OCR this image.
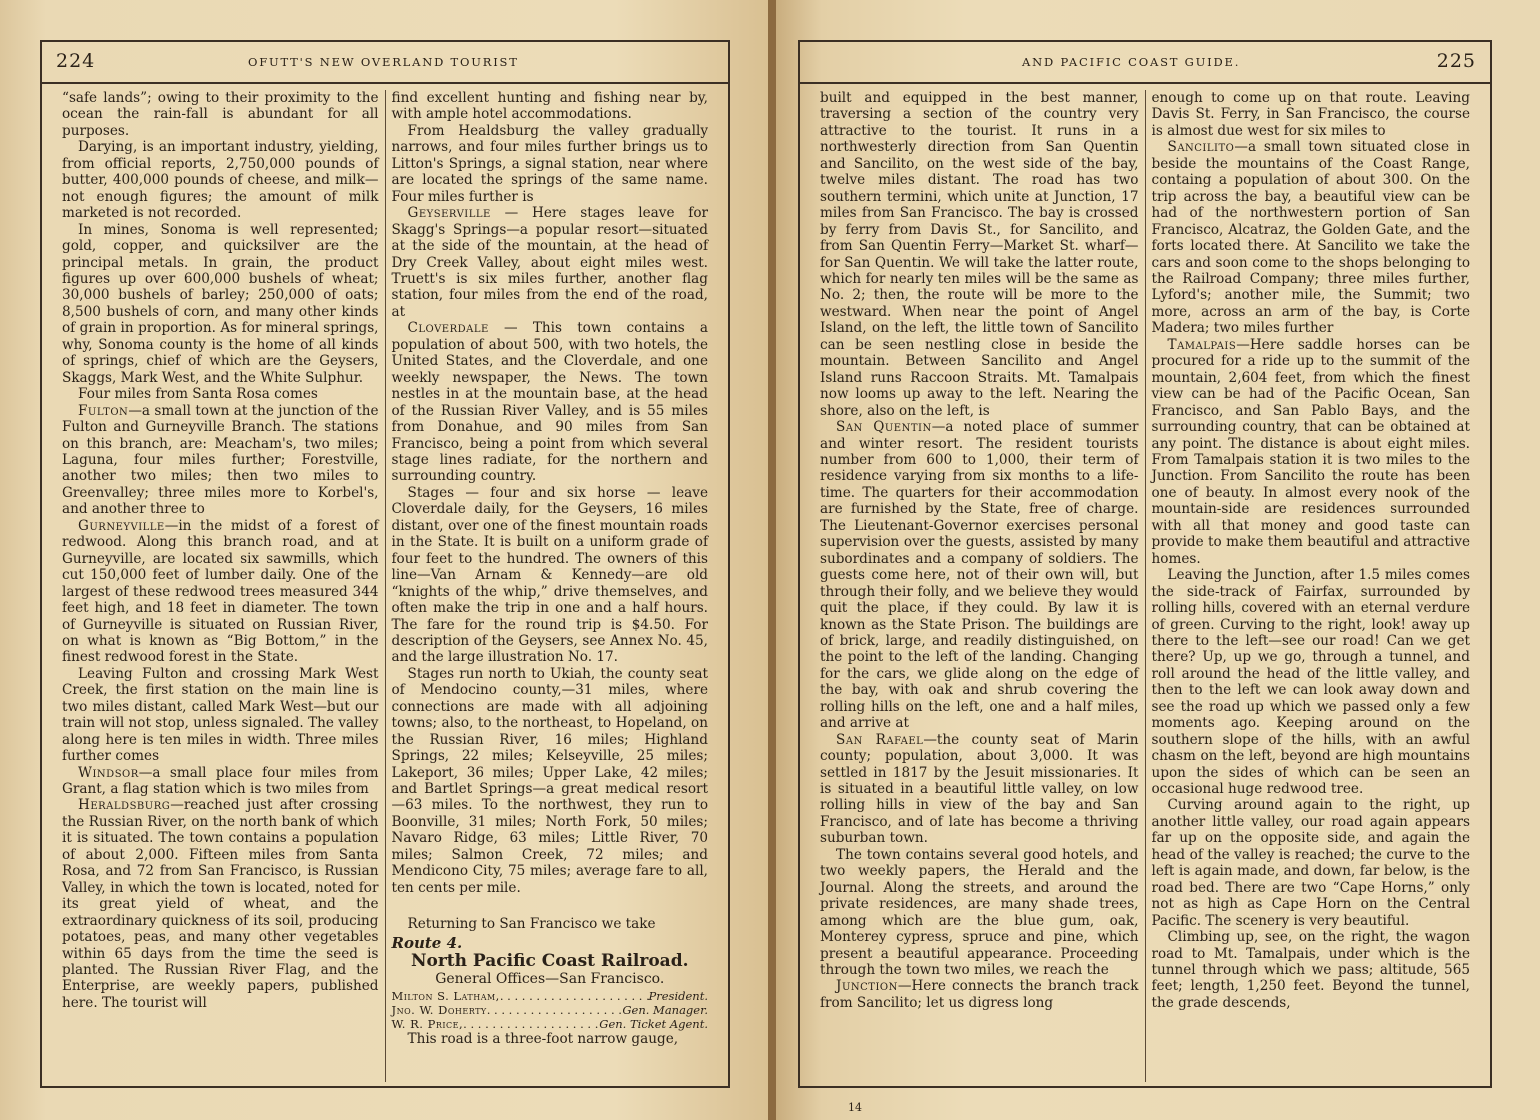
224	OFUTT'S NEW OVERLAND TOURIST

“safe lands”; owing to their proximity to the ocean the rain-fall is abundant for all purposes.

Darying, is an important industry, yielding, from official reports, 2,750,000 pounds of butter, 400,000 pounds of cheese, and milk—not enough figures; the amount of milk marketed is not recorded.

In mines, Sonoma is well represented; gold, copper, and quicksilver are the principal metals. In grain, the product figures up over 600,000 bushels of wheat; 30,000 bushels of barley; 250,000 of oats; 8,500 bushels of corn, and many other kinds of grain in proportion. As for mineral springs, why, Sonoma county is the home of all kinds of springs, chief of which are the Geysers, Skaggs, Mark West, and the White Sulphur.

Four miles from Santa Rosa comes

Fulton—a small town at the junction of the Fulton and Gurneyville Branch. The stations on this branch, are: Meacham's, two miles; Laguna, four miles further; Forestville, another two miles; then two miles to Greenvalley; three miles more to Korbel's, and another three to

Gurneyville—in the midst of a forest of redwood. Along this branch road, and at Gurneyville, are located six sawmills, which cut 150,000 feet of lumber daily. One of the largest of these redwood trees measured 344 feet high, and 18 feet in diameter. The town of Gurneyville is situated on Russian River, on what is known as “Big Bottom,” in the finest redwood forest in the State.

Leaving Fulton and crossing Mark West Creek, the first station on the main line is two miles distant, called Mark West—but our train will not stop, unless signaled. The valley along here is ten miles in width. Three miles further comes

Windsor—a small place four miles from Grant, a flag station which is two miles from

Heraldsburg—reached just after crossing the Russian River, on the north bank of which it is situated. The town contains a population of about 2,000. Fifteen miles from Santa Rosa, and 72 from San Francisco, is Russian Valley, in which the town is located, noted for its great yield of wheat, and the extraordinary quickness of its soil, producing potatoes, peas, and many other vegetables within 65 days from the time the seed is planted. The Russian River Flag, and the Enterprise, are weekly papers, published here. The tourist will

find excellent hunting and fishing near by, with ample hotel accommodations.

From Healdsburg the valley gradually narrows, and four miles further brings us to Litton's Springs, a signal station, near where are located the springs of the same name. Four miles further is

Geyserville — Here stages leave for Skagg's Springs—a popular resort—situated at the side of the mountain, at the head of Dry Creek Valley, about eight miles west. Truett's is six miles further, another flag station, four miles from the end of the road, at

Cloverdale — This town contains a population of about 500, with two hotels, the United States, and the Cloverdale, and one weekly newspaper, the News. The town nestles in at the mountain base, at the head of the Russian River Valley, and is 55 miles from Donahue, and 90 miles from San Francisco, being a point from which several stage lines radiate, for the northern and surrounding country.

Stages — four and six horse — leave Cloverdale daily, for the Geysers, 16 miles distant, over one of the finest mountain roads in the State. It is built on a uniform grade of four feet to the hundred. The owners of this line—Van Arnam & Kennedy—are old “knights of the whip,” drive themselves, and often make the trip in one and a half hours. The fare for the round trip is $4.50. For description of the Geysers, see Annex No. 45, and the large illustration No. 17.

Stages run north to Ukiah, the county seat of Mendocino county,—31 miles, where connections are made with all adjoining towns; also, to the northeast, to Hopeland, on the Russian River, 16 miles; Highland Springs, 22 miles; Kelseyville, 25 miles; Lakeport, 36 miles; Upper Lake, 42 miles; and Bartlet Springs—a great medical resort —63 miles. To the northwest, they run to Boonville, 31 miles; North Fork, 50 miles; Navaro Ridge, 63 miles; Little River, 70 miles; Salmon Creek, 72 miles; and Mendicono City, 75 miles; average fare to all, ten cents per mile.

Returning to San Francisco we take

Route 4.
North Pacific Coast Railroad.
General Offices—San Francisco.
Milton S. Latham, . . .	President.
Jno. W. Doherty . . .	Gen. Manager.
W. R. Price, . . .	Gen. Ticket Agent.

This road is a three-foot narrow gauge,

AND PACIFIC COAST GUIDE.	225

built and equipped in the best manner, traversing a section of the country very attractive to the tourist. It runs in a northwesterly direction from San Quentin and Sancilito, on the west side of the bay, twelve miles distant. The road has two southern termini, which unite at Junction, 17 miles from San Francisco. The bay is crossed by ferry from Davis St., for Sancilito, and from San Quentin Ferry—Market St. wharf—for San Quentin. We will take the latter route, which for nearly ten miles will be the same as No. 2; then, the route will be more to the westward. When near the point of Angel Island, on the left, the little town of Sancilito can be seen nestling close in beside the mountain. Between Sancilito and Angel Island runs Raccoon Straits. Mt. Tamalpais now looms up away to the left. Nearing the shore, also on the left, is

San Quentin—a noted place of summer and winter resort. The resident tourists number from 600 to 1,000, their term of residence varying from six months to a life-time. The quarters for their accommodation are furnished by the State, free of charge. The Lieutenant-Governor exercises personal supervision over the guests, assisted by many subordinates and a company of soldiers. The guests come here, not of their own will, but through their folly, and we believe they would quit the place, if they could. By law it is known as the State Prison. The buildings are of brick, large, and readily distinguished, on the point to the left of the landing. Changing for the cars, we glide along on the edge of the bay, with oak and shrub covering the rolling hills on the left, one and a half miles, and arrive at

San Rafael—the county seat of Marin county; population, about 3,000. It was settled in 1817 by the Jesuit missionaries. It is situated in a beautiful little valley, on low rolling hills in view of the bay and San Francisco, and of late has become a thriving suburban town.

The town contains several good hotels, and two weekly papers, the Herald and the Journal. Along the streets, and around the private residences, are many shade trees, among which are the blue gum, oak, Monterey cypress, spruce and pine, which present a beautiful appearance. Proceeding through the town two miles, we reach the

Junction—Here connects the branch track from Sancilito; let us digress long

enough to come up on that route. Leaving Davis St. Ferry, in San Francisco, the course is almost due west for six miles to

Sancilito—a small town situated close in beside the mountains of the Coast Range, containg a population of about 300. On the trip across the bay, a beautiful view can be had of the northwestern portion of San Francisco, Alcatraz, the Golden Gate, and the forts located there. At Sancilito we take the cars and soon come to the shops belonging to the Railroad Company; three miles further, Lyford's; another mile, the Summit; two more, across an arm of the bay, is Corte Madera; two miles further

Tamalpais—Here saddle horses can be procured for a ride up to the summit of the mountain, 2,604 feet, from which the finest view can be had of the Pacific Ocean, San Francisco, and San Pablo Bays, and the surrounding country, that can be obtained at any point. The distance is about eight miles. From Tamalpais station it is two miles to the Junction. From Sancilito the route has been one of beauty. In almost every nook of the mountain-side are residences surrounded with all that money and good taste can provide to make them beautiful and attractive homes.

Leaving the Junction, after 1.5 miles comes the side-track of Fairfax, surrounded by rolling hills, covered with an eternal verdure of green. Curving to the right, look! away up there to the left—see our road! Can we get there? Up, up we go, through a tunnel, and roll around the head of the little valley, and then to the left we can look away down and see the road up which we passed only a few moments ago. Keeping around on the southern slope of the hills, with an awful chasm on the left, beyond are high mountains upon the sides of which can be seen an occasional huge redwood tree.

Curving around again to the right, up another little valley, our road again appears far up on the opposite side, and again the head of the valley is reached; the curve to the left is again made, and down, far below, is the road bed. There are two “Cape Horns,” only not as high as Cape Horn on the Central Pacific. The scenery is very beautiful.

Climbing up, see, on the right, the wagon road to Mt. Tamalpais, under which is the tunnel through which we pass; altitude, 565 feet; length, 1,250 feet. Beyond the tunnel, the grade descends,

14
